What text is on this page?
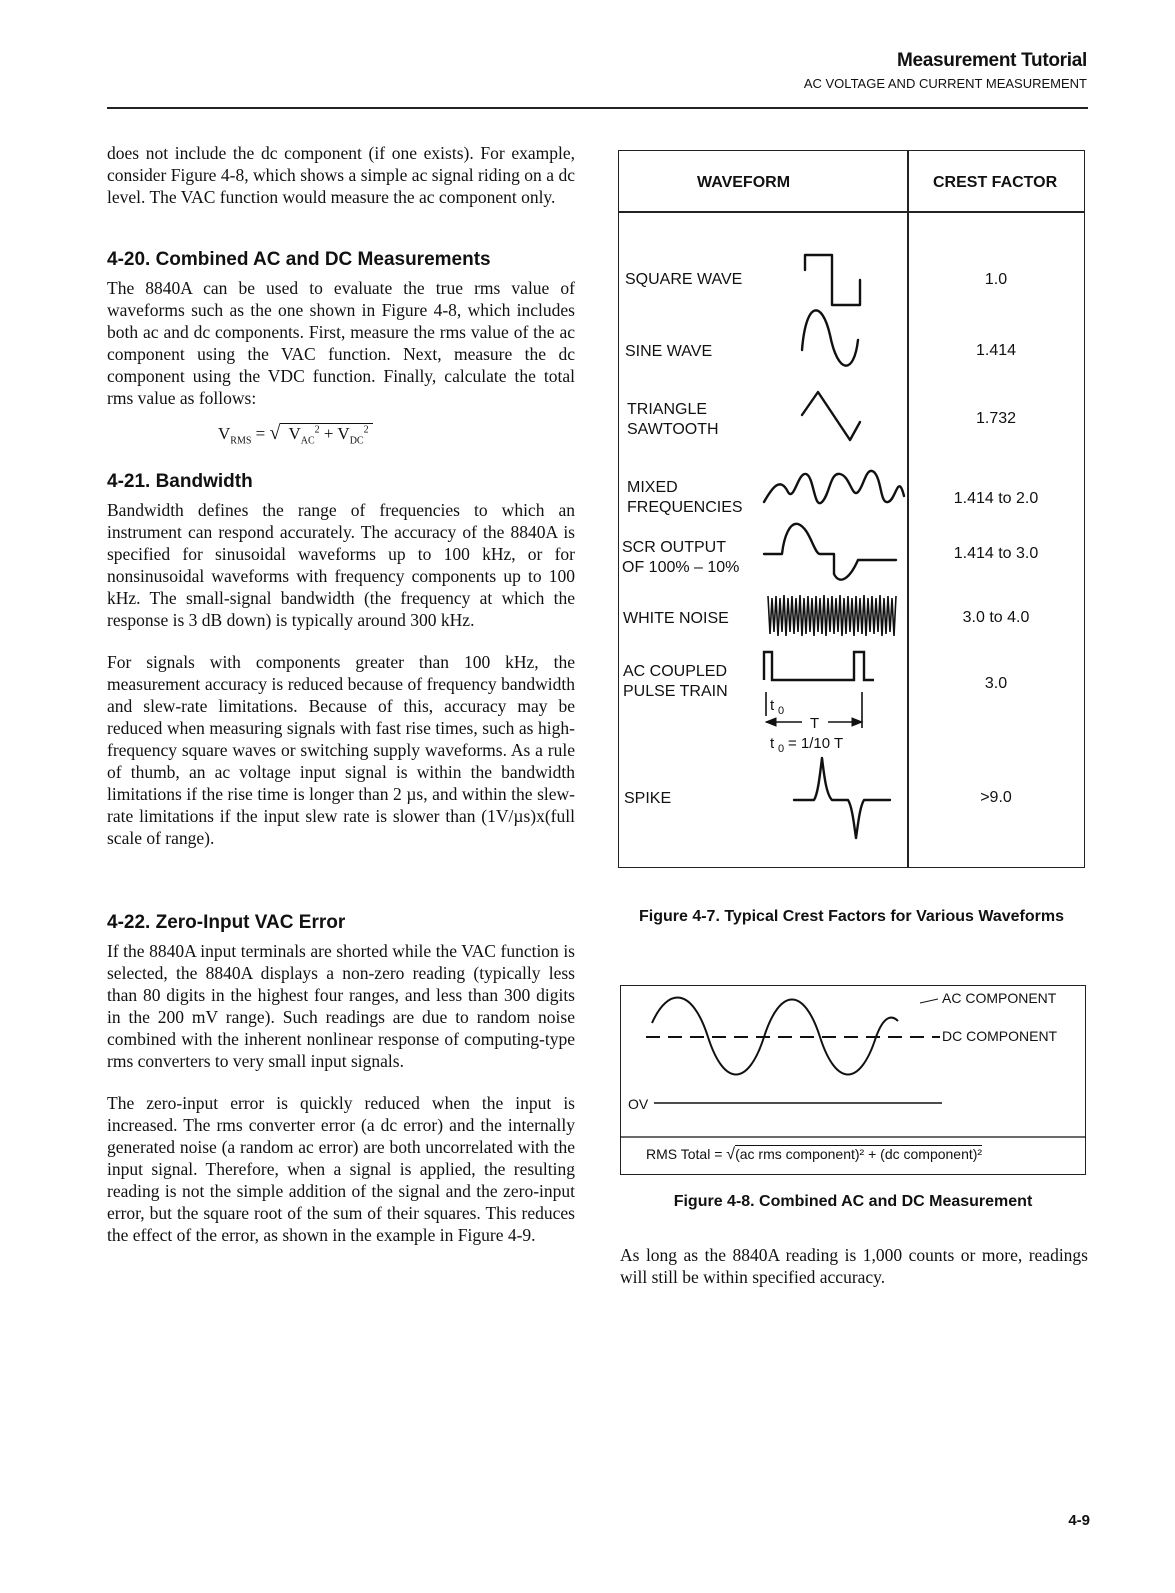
Measurement Tutorial
AC VOLTAGE AND CURRENT MEASUREMENT

does not include the dc component (if one exists). For example, consider Figure 4-8, which shows a simple ac signal riding on a dc level. The VAC function would measure the ac component only.

4-20. Combined AC and DC Measurements

The 8840A can be used to evaluate the true rms value of waveforms such as the one shown in Figure 4-8, which includes both ac and dc components. First, measure the rms value of the ac component using the VAC function. Next, measure the dc component using the VDC function. Finally, calculate the total rms value as follows:

$V_{RMS}$ = √ $V_{AC}^2 + V_{DC}^2$

4-21. Bandwidth

Bandwidth defines the range of frequencies to which an instrument can respond accurately. The accuracy of the 8840A is specified for sinusoidal waveforms up to 100 kHz, or for nonsinusoidal waveforms with frequency components up to 100 kHz. The small-signal bandwidth (the frequency at which the response is 3 dB down) is typically around 300 kHz.

For signals with components greater than 100 kHz, the measurement accuracy is reduced because of frequency bandwidth and slew-rate limitations. Because of this, accuracy may be reduced when measuring signals with fast rise times, such as high-frequency square waves or switching supply waveforms. As a rule of thumb, an ac voltage input signal is within the bandwidth limitations if the rise time is longer than 2 µs, and within the slew-rate limitations if the input slew rate is slower than (1V/µs)x(full scale of range).

4-22. Zero-Input VAC Error

If the 8840A input terminals are shorted while the VAC function is selected, the 8840A displays a non-zero reading (typically less than 80 digits in the highest four ranges, and less than 300 digits in the 200 mV range). Such readings are due to random noise combined with the inherent nonlinear response of computing-type rms converters to very small input signals.

The zero-input error is quickly reduced when the input is increased. The rms converter error (a dc error) and the internally generated noise (a random ac error) are both uncorrelated with the input signal. Therefore, when a signal is applied, the resulting reading is not the simple addition of the signal and the zero-input error, but the square root of the sum of their squares. This reduces the effect of the error, as shown in the example in Figure 4-9.

WAVEFORM	CREST FACTOR
SQUARE WAVE
SINE WAVE
TRIANGLE
SAWTOOTH
MIXED
FREQUENCIES
SCR OUTPUT
OF 100% – 10%
WHITE NOISE
AC COUPLED
PULSE TRAIN
SPIKE
1.0
1.414
1.732
1.414 to 2.0
1.414 to 3.0
3.0 to 4.0
3.0
>9.0
t 0
T
t 0 = 1/10 T
Figure 4-7. Typical Crest Factors for Various Waveforms
AC COMPONENT
DC COMPONENT
OV
RMS Total = √(ac rms component)² + (dc component)²
Figure 4-8. Combined AC and DC Measurement
As long as the 8840A reading is 1,000 counts or more, readings will still be within specified accuracy.
4-9
